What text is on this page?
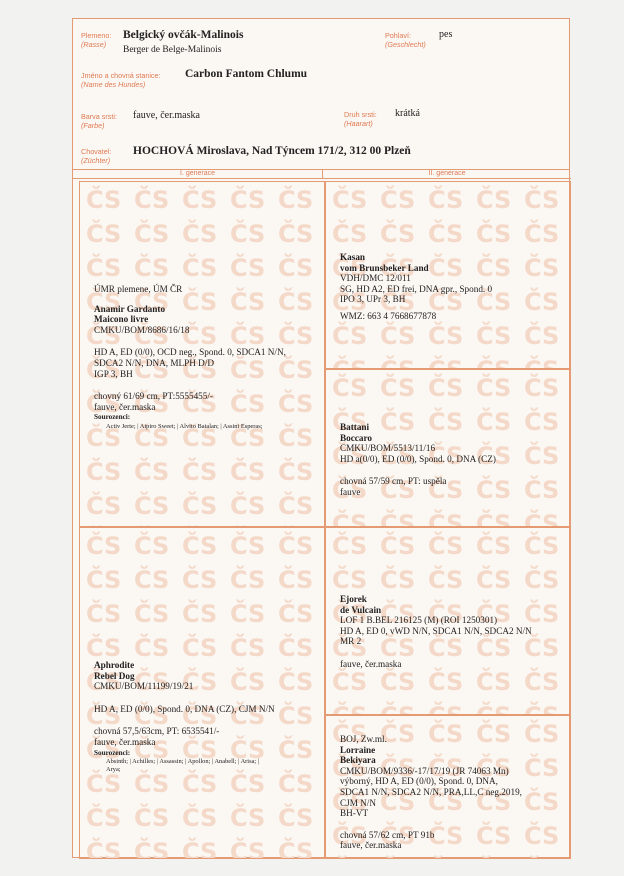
Plemeno:
(Rasse)
Belgický ovčák-Malinois
Berger de Belge-Malinois
Pohlaví:
(Geschlecht)
pes
Jméno a chovná stanice:
(Name des Hundes)
Carbon Fantom Chlumu
Barva srsti:
(Farbe)
fauve, čer.maska	Druh srsti:
(Haarart)
krátká
Chovatel:
(Züchter)
HOCHOVÁ Miroslava, Nad Týncem 171/2, 312 00 Plzeň
I. generace	II. generace
ÚMR plemene, ÚM ČR
Anamir Gardanto
Maicono livre
CMKU/BOM/8686/16/18
HD A, ED (0/0), OCD neg., Spond. 0, SDCA1 N/N,
SDCA2 N/N, DNA, MLPH D/D
IGP 3, BH
chovný 61/69 cm, PT:5555455/-
fauve, čer.maska
Sourozenci:
Activ Jerte; | Aipiro Sweet; | Alvito Batalan; | Assini Esperas;
Kasan
vom Brunsbeker Land
VDH/DMC 12/011
SG, HD A2, ED frei, DNA gpr., Spond. 0
IPO 3, UPr 3, BH
WMZ: 663 4 7668677878
Battani
Boccaro
CMKU/BOM/5513/11/16
HD a(0/0), ED (0/0), Spond. 0, DNA (CZ)
chovná 57/59 cm, PT: uspěla
fauve
Aphrodite
Rebel Dog
CMKU/BOM/11199/19/21
HD A, ED (0/0), Spond. 0, DNA (CZ), CJM N/N
chovná 57,5/63cm, PT: 6535541/-
fauve, čer.maska
Sourozenci:
Absinth; | Achilles; | Assassin; | Apollon; | Anabell; | Arisa; |
Arya;
Ejorek
de Vulcain
LOF 1 B.BEL 216125 (M) (ROI 1250301)
HD A, ED 0, vWD N/N, SDCA1 N/N, SDCA2 N/N
MR 2
fauve, čer.maska
BOJ, Zw.ml.
Lorraine
Bekiyara
CMKU/BOM/9336/-17/17/19 (JR 74063 Mn)
výborný, HD A, ED (0/0), Spond. 0, DNA,
SDCA1 N/N, SDCA2 N/N, PRA,LL,C neg.2019,
CJM N/N
BH-VT
chovná 57/62 cm, PT 91b
fauve, čer.maska
